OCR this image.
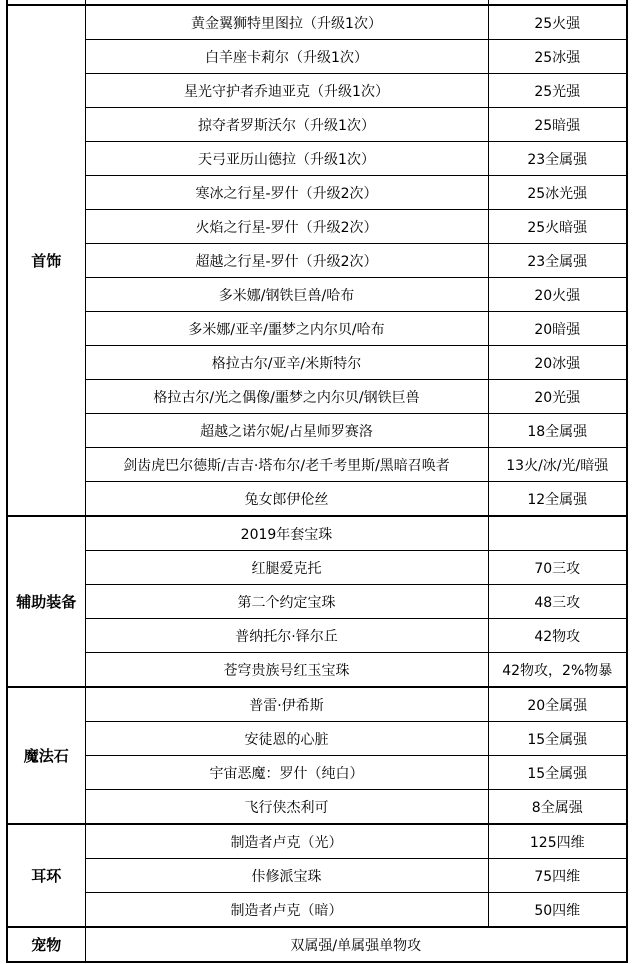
首饰	黄金翼狮特里图拉（升级1次）	25火强
	白羊座卡莉尔（升级1次）	25冰强
	星光守护者乔迪亚克（升级1次）	25光强
	掠夺者罗斯沃尔（升级1次）	25暗强
	天弓亚历山德拉（升级1次）	23全属强
	寒冰之行星-罗什（升级2次）	25冰光强
	火焰之行星-罗什（升级2次）	25火暗强
	超越之行星-罗什（升级2次）	23全属强
	多米娜/钢铁巨兽/哈布	20火强
	多米娜/亚辛/噩梦之内尔贝/哈布	20暗强
	格拉古尔/亚辛/米斯特尔	20冰强
	格拉古尔/光之偶像/噩梦之内尔贝/钢铁巨兽	20光强
	超越之诺尔妮/占星师罗赛洛	18全属强
	剑齿虎巴尔德斯/吉吉·塔布尔/老千考里斯/黑暗召唤者	13火/冰/光/暗强
	兔女郎伊伦丝	12全属强
辅助装备	2019年套宝珠	
	红腿爱克托	70三攻
	第二个约定宝珠	48三攻
	普纳托尔·铎尔丘	42物攻
	苍穹贵族号红玉宝珠	42物攻，2%物暴
魔法石	普雷·伊希斯	20全属强
	安徒恩的心脏	15全属强
	宇宙恶魔：罗什（纯白）	15全属强
	飞行侠杰利可	8全属强
耳环	制造者卢克（光）	125四维
	佧修派宝珠	75四维
	制造者卢克（暗）	50四维
宠物	双属强/单属强单物攻	
